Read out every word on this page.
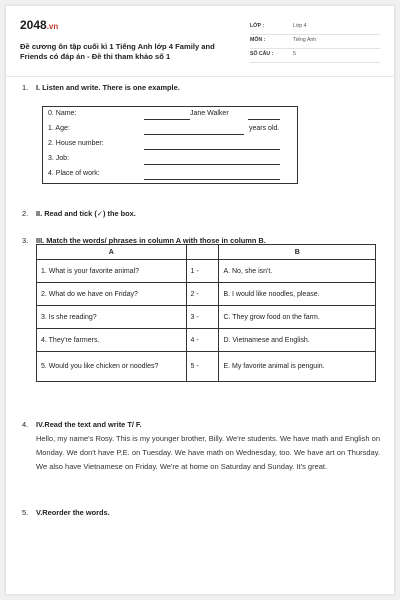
2048.vn
Đề cương ôn tập cuối kì 1 Tiếng Anh lớp 4 Family and Friends có đáp án - Đề thi tham khảo số 1
LỚP :	Lớp 4
MÔN :	Tiếng Anh
SỐ CÂU :	5
1. I. Listen and write. There is one example.
0. Name:	Jane Walker
1. Age:	years old.
2. House number:
3. Job:
4. Place of work:
2. II. Read and tick (✓) the box.
3. III. Match the words/ phrases in column A with those in column B.
A		B
1. What is your favorite animal?	1 -	A. No, she isn't.
2. What do we have on Friday?	2 -	B. I would like noodles, please.
3. Is she reading?	3 -	C. They grow food on the farm.
4. They're farmers.	4 -	D. Vietnamese and English.
5. Would you like chicken or noodles?	5 -	E. My favorite animal is penguin.
4. IV.Read the text and write T/ F.
Hello, my name's Rosy. This is my younger brother, Billy. We're students. We have math and English on Monday. We don't have P.E. on Tuesday. We have math on Wednesday, too. We have art on Thursday. We also have Vietnamese on Friday. We're at home on Saturday and Sunday. It's great.
5. V.Reorder the words.
